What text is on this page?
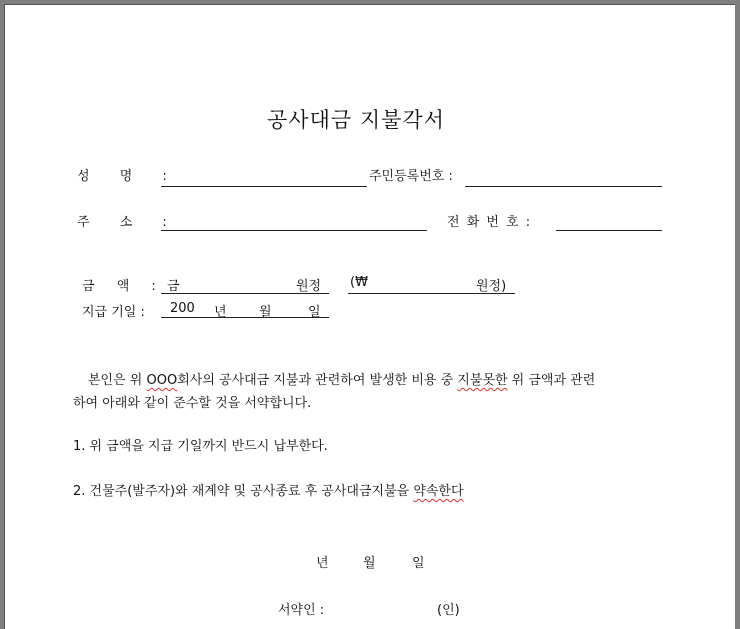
공사대금 지불각서
성 명 :	주민등록번호 :
주 소 :	전 화 번 호 :
금 액 : 금	원정 (₩	원정)
지급 기일 : 200 년 월	일
본인은 위 OOO회사의 공사대금 지불과 관련하여 발생한 비용 중 지불못한 위 금액과 관련
하여 아래와 같이 준수할 것을 서약합니다.
1. 위 금액을 지급 기일까지 반드시 납부한다.
2. 건물주(발주자)와 재계약 및 공사종료 후 공사대금지불을 약속한다
년	월	일
서약인 :	(인)
